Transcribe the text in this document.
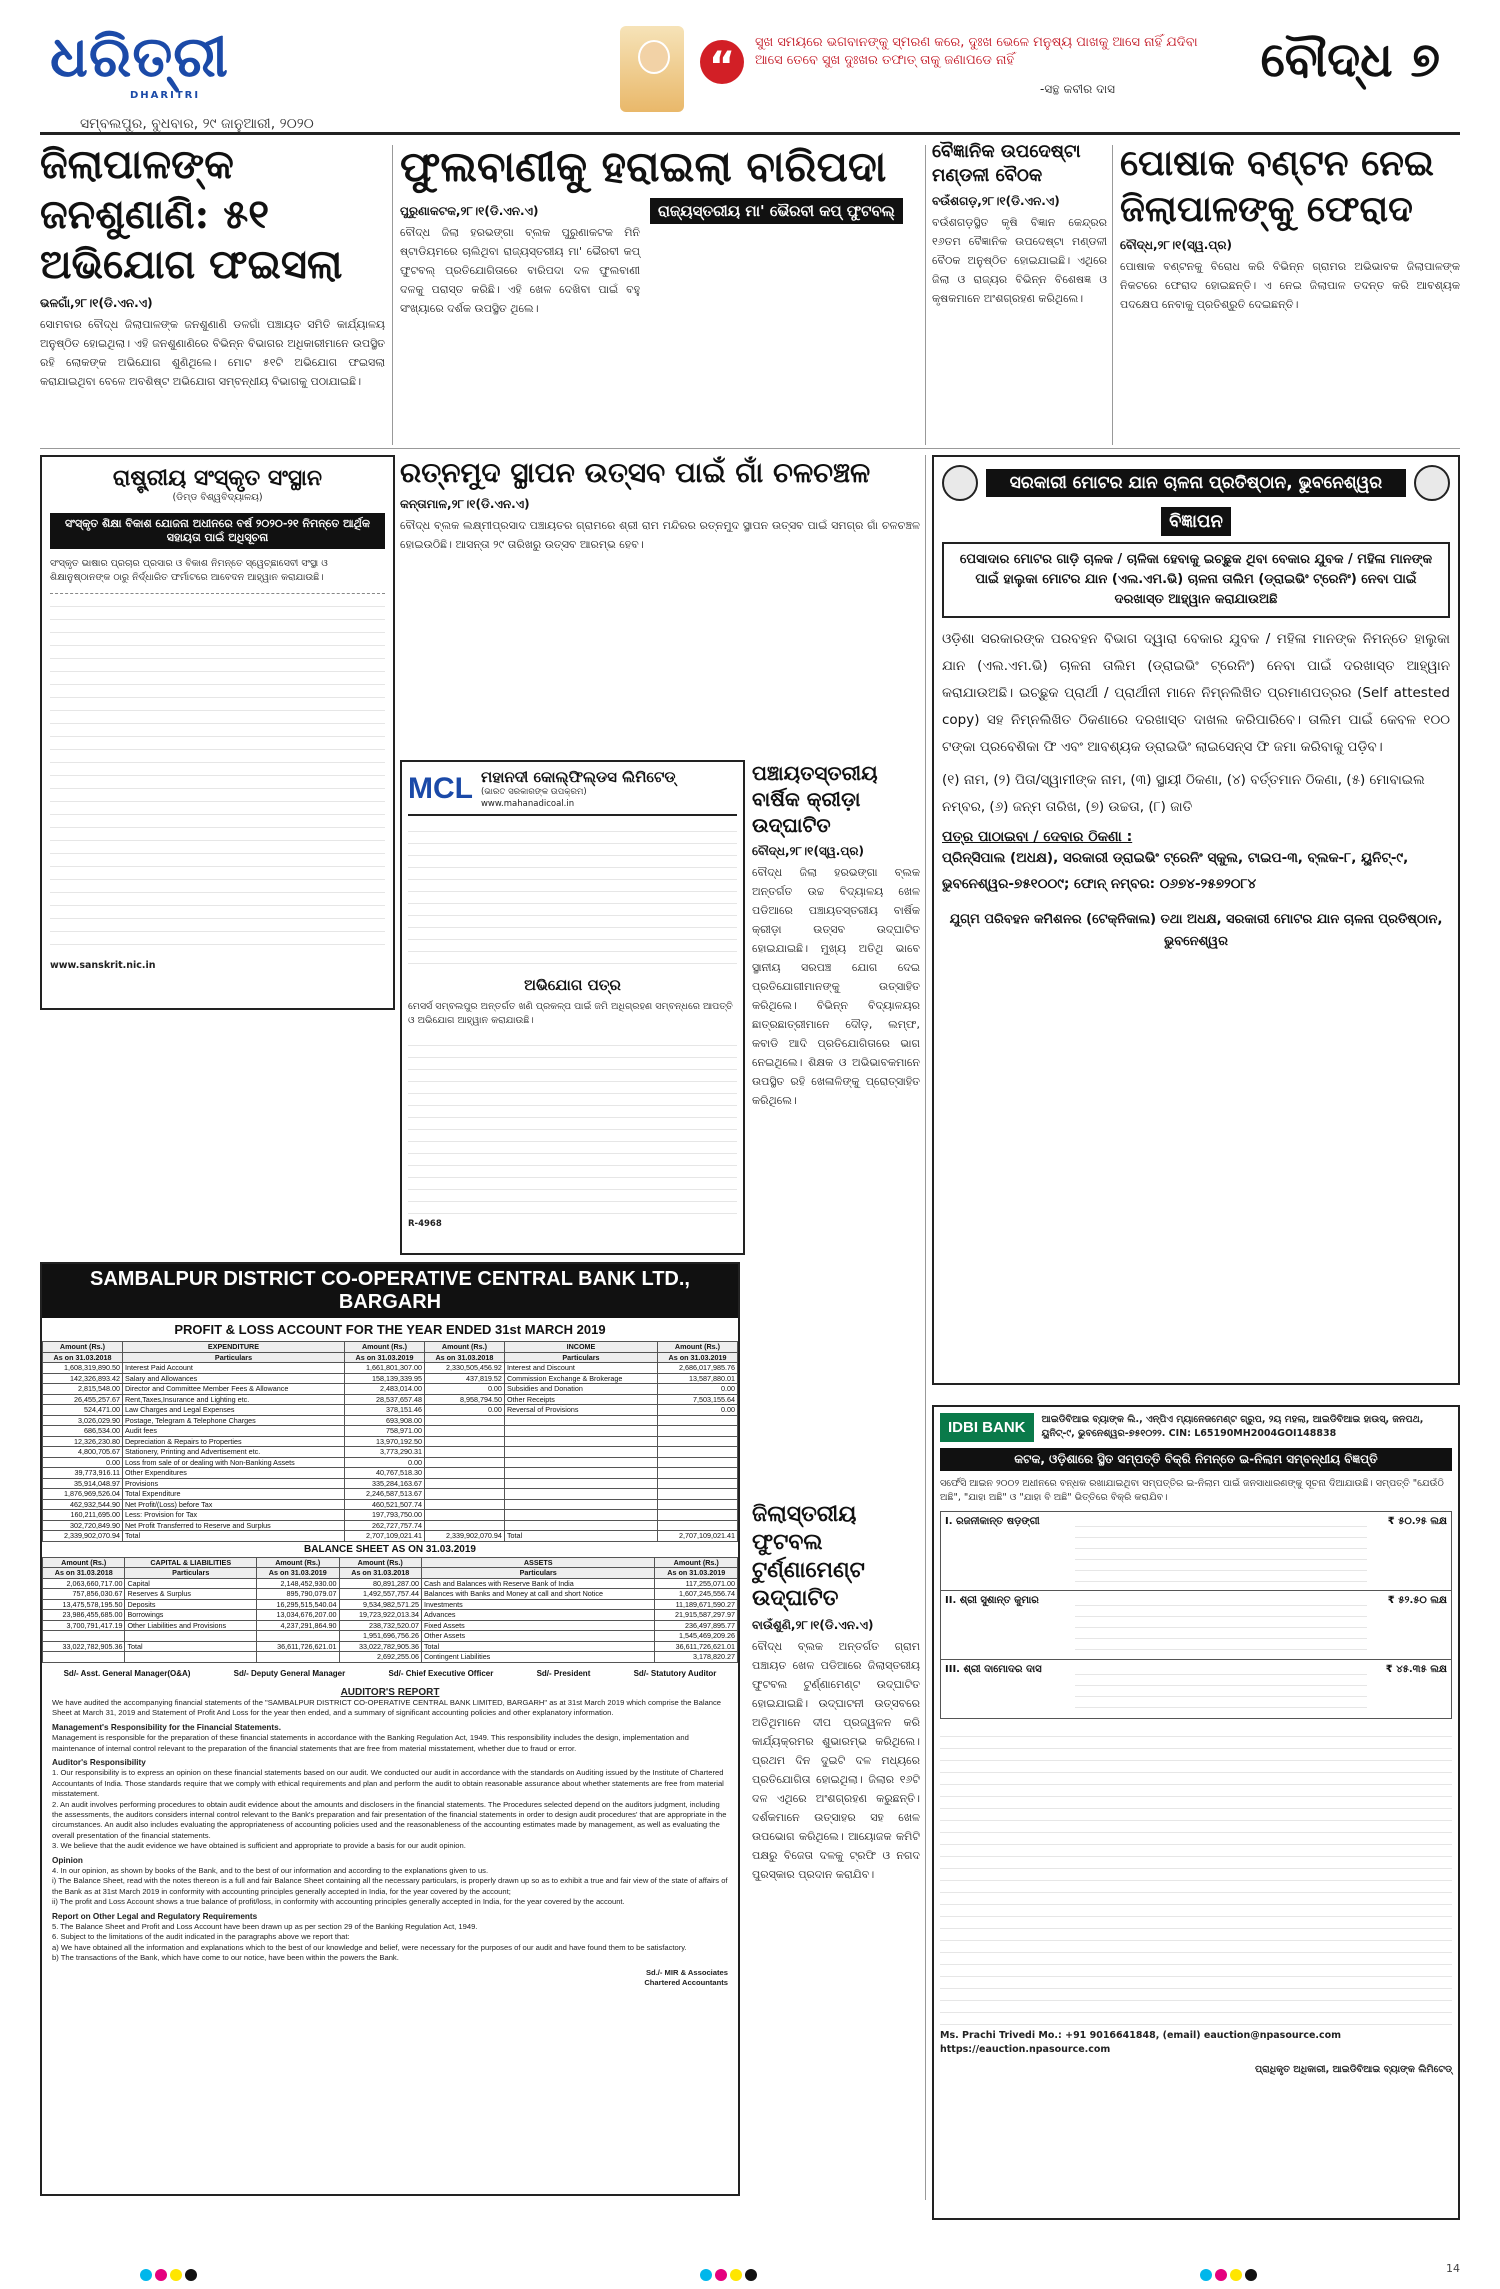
ଧରିତ୍ରୀ
DHARITRI
ସମ୍ବଲପୁର, ବୁଧବାର, ୨୯ ଜାନୁଆରୀ, ୨୦୨୦
“
ସୁଖ ସମୟରେ ଭଗବାନଙ୍କୁ ସ୍ମରଣ କରେ, ଦୁଃଖ ଭେଳେ ମନୁଷ୍ୟ ପାଖକୁ ଆସେ ନାହିଁ ଯଦିବା ଆସେ ତେବେ ସୁଖ ଦୁଃଖର ତଫାତ୍ ତାକୁ ଜଣାପଡେ ନାହିଁ
-ସନ୍ଥ କବୀର ଦାସ
ବୌଦ୍ଧ ୭
ଜିଲାପାଳଙ୍କ ଜନଶୁଣାଣି: ୫୧ ଅଭିଯୋଗ ଫଇସଲା
ଭଳଗାଁ,୨୮।୧(ଡି.ଏନ.ଏ)
ସୋମବାର ବୌଦ୍ଧ ଜିଲାପାଳଙ୍କ ଜନଶୁଣାଣି ଡଳଗାଁ ପଞ୍ଚାୟତ ସମିତି କାର୍ଯ୍ୟାଳୟ ଅନୁଷ୍ଠିତ ହୋଇଥିଲା। ଏହି ଜନଶୁଣାଣିରେ ବିଭିନ୍ନ ବିଭାଗର ଅଧିକାରୀମାନେ ଉପସ୍ଥିତ ରହି ଲୋକଙ୍କ ଅଭିଯୋଗ ଶୁଣିଥିଲେ। ମୋଟ ୫୧ଟି ଅଭିଯୋଗ ଫଇସଲା କରାଯାଇଥିବା ବେଳେ ଅବଶିଷ୍ଟ ଅଭିଯୋଗ ସମ୍ବନ୍ଧୀୟ ବିଭାଗକୁ ପଠାଯାଇଛି।
ଫୁଲବାଣୀକୁ ହରାଇଲା ବାରିପଦା
ପୁରୁଣାକଟକ,୨୮।୧(ଡି.ଏନ.ଏ)
ବୌଦ୍ଧ ଜିଲା ହରଭଙ୍ଗା ବ୍ଲକ ପୁରୁଣାକଟକ ମିନି ଷ୍ଟାଡିୟମରେ ଚାଲିଥିବା ରାଜ୍ୟସ୍ତରୀୟ ମା' ଭୈରବୀ କପ୍ ଫୁଟବଲ୍ ପ୍ରତିଯୋଗିତାରେ ବାରିପଦା ଦଳ ଫୁଲବାଣୀ ଦଳକୁ ପରାସ୍ତ କରିଛି। ଏହି ଖେଳ ଦେଖିବା ପାଇଁ ବହୁ ସଂଖ୍ୟାରେ ଦର୍ଶକ ଉପସ୍ଥିତ ଥିଲେ।
ରାଜ୍ୟସ୍ତରୀୟ ମା' ଭୈରବୀ କପ୍ ଫୁଟବଲ୍
ବୈଜ୍ଞାନିକ ଉପଦେଷ୍ଟା ମଣ୍ଡଳୀ ବୈଠକ
ବଉଁଶଗଡ଼,୨୮।୧(ଡି.ଏନ.ଏ)
ବଉଁଶଗଡ଼ସ୍ଥିତ କୃଷି ବିଜ୍ଞାନ କେନ୍ଦ୍ରର ୧୬ତମ ବୈଜ୍ଞାନିକ ଉପଦେଷ୍ଟା ମଣ୍ଡଳୀ ବୈଠକ ଅନୁଷ୍ଠିତ ହୋଇଯାଇଛି। ଏଥିରେ ଜିଲା ଓ ରାଜ୍ୟର ବିଭିନ୍ନ ବିଶେଷଜ୍ଞ ଓ କୃଷକମାନେ ଅଂଶଗ୍ରହଣ କରିଥିଲେ।
ପୋଷାକ ବଣ୍ଟନ ନେଇ ଜିଲାପାଳଙ୍କୁ ଫେରାଦ
ବୌଦ୍ଧ,୨୮।୧(ସ୍ୱ.ପ୍ର)
ପୋଷାକ ବଣ୍ଟନକୁ ବିରୋଧ କରି ବିଭିନ୍ନ ଗ୍ରାମର ଅଭିଭାବକ ଜିଲାପାଳଙ୍କ ନିକଟରେ ଫେରାଦ ହୋଇଛନ୍ତି। ଏ ନେଇ ଜିଲାପାଳ ତଦନ୍ତ କରି ଆବଶ୍ୟକ ପଦକ୍ଷେପ ନେବାକୁ ପ୍ରତିଶ୍ରୁତି ଦେଇଛନ୍ତି।
ରାଷ୍ଟ୍ରୀୟ ସଂସ୍କୃତ ସଂସ୍ଥାନ
(ଡିମ୍ଡ ବିଶ୍ୱବିଦ୍ୟାଳୟ)
ସଂସ୍କୃତ ଶିକ୍ଷା ବିକାଶ ଯୋଜନା ଅଧୀନରେ ବର୍ଷ ୨୦୨୦-୨୧ ନିମନ୍ତେ ଆର୍ଥିକ ସହାୟତା ପାଇଁ ଅଧିସୂଚନା
ସଂସ୍କୃତ ଭାଷାର ପ୍ରଚାର ପ୍ରସାର ଓ ବିକାଶ ନିମନ୍ତେ ସ୍ୱେଚ୍ଛାସେବୀ ସଂସ୍ଥା ଓ ଶିକ୍ଷାନୁଷ୍ଠାନଙ୍କ ଠାରୁ ନିର୍ଦ୍ଧାରିତ ଫର୍ମାଟରେ ଆବେଦନ ଆହ୍ୱାନ କରାଯାଉଛି।
www.sanskrit.nic.in
ରତ୍ନମୁଦ ସ୍ଥାପନ ଉତ୍ସବ ପାଇଁ ଗାଁ ଚଳଚଞ୍ଚଳ
କନ୍ତାମାଳ,୨୮।୧(ଡି.ଏନ.ଏ)
ବୌଦ୍ଧ ବ୍ଲକ ଲକ୍ଷ୍ମୀପ୍ରସାଦ ପଞ୍ଚାୟତର ଗ୍ରାମରେ ଶ୍ରୀ ରାମ ମନ୍ଦିରର ରତ୍ନମୁଦ ସ୍ଥାପନ ଉତ୍ସବ ପାଇଁ ସମଗ୍ର ଗାଁ ଚଳଚଞ୍ଚଳ ହୋଇଉଠିଛି। ଆସନ୍ତା ୨୯ ତାରିଖରୁ ଉତ୍ସବ ଆରମ୍ଭ ହେବ।
MCL ମହାନଦୀ କୋଲ୍‌ଫିଲ୍‌ଡସ ଲିମିଟେଡ୍
(ଭାରତ ସରକାରଙ୍କ ଉପକ୍ରମ)
www.mahanadicoal.in
ଅଭିଯୋଗ ପତ୍ର
ମେସର୍ସ ସମ୍ବଲପୁର ଅନ୍ତର୍ଗତ ଖଣି ପ୍ରକଳ୍ପ ପାଇଁ ଜମି ଅଧିଗ୍ରହଣ ସମ୍ବନ୍ଧରେ ଆପତ୍ତି ଓ ଅଭିଯୋଗ ଆହ୍ୱାନ କରାଯାଉଛି।
R-4968
ପଞ୍ଚାୟତସ୍ତରୀୟ ବାର୍ଷିକ କ୍ରୀଡ଼ା ଉଦ୍‌ଘାଟିତ
ବୌଦ୍ଧ,୨୮।୧(ସ୍ୱ.ପ୍ର)
ବୌଦ୍ଧ ଜିଲା ହରଭଙ୍ଗା ବ୍ଲକ ଅନ୍ତର୍ଗତ ଉଚ୍ଚ ବିଦ୍ୟାଳୟ ଖେଳ ପଡିଆରେ ପଞ୍ଚାୟତସ୍ତରୀୟ ବାର୍ଷିକ କ୍ରୀଡ଼ା ଉତ୍ସବ ଉଦ୍‌ଘାଟିତ ହୋଇଯାଇଛି। ମୁଖ୍ୟ ଅତିଥି ଭାବେ ସ୍ଥାନୀୟ ସରପଞ୍ଚ ଯୋଗ ଦେଇ ପ୍ରତିଯୋଗୀମାନଙ୍କୁ ଉତ୍ସାହିତ କରିଥିଲେ। ବିଭିନ୍ନ ବିଦ୍ୟାଳୟର ଛାତ୍ରଛାତ୍ରୀମାନେ ଦୌଡ଼, ଲମ୍ଫ, କବାଡି ଆଦି ପ୍ରତିଯୋଗିତାରେ ଭାଗ ନେଇଥିଲେ। ଶିକ୍ଷକ ଓ ଅଭିଭାବକମାନେ ଉପସ୍ଥିତ ରହି ଖେଳାଳିଙ୍କୁ ପ୍ରୋତ୍ସାହିତ କରିଥିଲେ।
ଜିଲାସ୍ତରୀୟ ଫୁଟବଲ ଟୁର୍ଣ୍ଣାମେଣ୍ଟ ଉଦ୍‌ଘାଟିତ
ବାଉଁଶୁଣି,୨୮।୧(ଡି.ଏନ.ଏ)
ବୌଦ୍ଧ ବ୍ଲକ ଅନ୍ତର୍ଗତ ଗ୍ରାମ ପଞ୍ଚାୟତ ଖେଳ ପଡିଆରେ ଜିଲାସ୍ତରୀୟ ଫୁଟବଲ ଟୁର୍ଣ୍ଣାମେଣ୍ଟ ଉଦ୍‌ଘାଟିତ ହୋଇଯାଇଛି। ଉଦ୍‌ଘାଟନୀ ଉତ୍ସବରେ ଅତିଥିମାନେ ଦୀପ ପ୍ରଜ୍ୱଳନ କରି କାର୍ଯ୍ୟକ୍ରମର ଶୁଭାରମ୍ଭ କରିଥିଲେ। ପ୍ରଥମ ଦିନ ଦୁଇଟି ଦଳ ମଧ୍ୟରେ ପ୍ରତିଯୋଗିତା ହୋଇଥିଲା। ଜିଲାର ୧୬ଟି ଦଳ ଏଥିରେ ଅଂଶଗ୍ରହଣ କରୁଛନ୍ତି। ଦର୍ଶକମାନେ ଉତ୍ସାହର ସହ ଖେଳ ଉପଭୋଗ କରିଥିଲେ। ଆୟୋଜକ କମିଟି ପକ୍ଷରୁ ବିଜେତା ଦଳକୁ ଟ୍ରଫି ଓ ନଗଦ ପୁରସ୍କାର ପ୍ରଦାନ କରାଯିବ।
ସରକାରୀ ମୋଟର ଯାନ ଚାଳନା ପ୍ରତିଷ୍ଠାନ, ଭୁବନେଶ୍ୱର
ବିଜ୍ଞାପନ
ପେସାଦାର ମୋଟର ଗାଡ଼ି ଚାଳକ / ଚାଳିକା ହେବାକୁ ଇଚ୍ଛୁକ ଥିବା ବେକାର ଯୁବକ / ମହିଳା ମାନଙ୍କ ପାଇଁ ହାଲୁକା ମୋଟର ଯାନ (ଏଲ.ଏମ.ଭି) ଚାଳନା ତାଲିମ (ଡ୍ରାଇଭିଂ ଟ୍ରେନିଂ) ନେବା ପାଇଁ ଦରଖାସ୍ତ ଆହ୍ୱାନ କରାଯାଉଅଛି
ଓଡ଼ିଶା ସରକାରଙ୍କ ପରବହନ ବିଭାଗ ଦ୍ୱାରା ବେକାର ଯୁବକ / ମହିଳା ମାନଙ୍କ ନିମନ୍ତେ ହାଲୁକା ଯାନ (ଏଲ.ଏମ.ଭି) ଚାଳନା ତାଲିମ (ଡ୍ରାଇଭିଂ ଟ୍ରେନିଂ) ନେବା ପାଇଁ ଦରଖାସ୍ତ ଆହ୍ୱାନ କରାଯାଉଅଛି। ଇଚ୍ଛୁକ ପ୍ରାର୍ଥୀ / ପ୍ରାର୍ଥୀନୀ ମାନେ ନିମ୍ନଲିଖିତ ପ୍ରମାଣପତ୍ରର (Self attested copy) ସହ ନିମ୍ନଲିଖିତ ଠିକଣାରେ ଦରଖାସ୍ତ ଦାଖଲ କରିପାରିବେ। ତାଲିମ ପାଇଁ କେବଳ ୧୦୦ ଟଙ୍କା ପ୍ରବେଶିକା ଫି ଏବଂ ଆବଶ୍ୟକ ଡ୍ରାଇଭିଂ ଲାଇସେନ୍ସ ଫି ଜମା କରିବାକୁ ପଡ଼ିବ।
(୧) ନାମ, (୨) ପିତା/ସ୍ୱାମୀଙ୍କ ନାମ, (୩) ସ୍ଥାୟୀ ଠିକଣା, (୪) ବର୍ତ୍ତମାନ ଠିକଣା, (୫) ମୋବାଇଲ ନମ୍ବର, (୬) ଜନ୍ମ ତାରିଖ, (୭) ଉଚ୍ଚତା, (୮) ଜାତି
ପତ୍ର ପାଠାଇବା / ଦେବାର ଠିକଣା :
ପ୍ରିନ୍ସିପାଲ (ଅଧକ୍ଷ), ସରକାରୀ ଡ୍ରାଇଭିଂ ଟ୍ରେନିଂ ସ୍କୁଲ, ଟାଇପ-୩, ବ୍ଲକ-୮, ୟୁନିଟ୍-୯, ଭୁବନେଶ୍ୱର-୭୫୧୦୦୯; ଫୋନ୍ ନମ୍ବର: ୦୬୭୪-୨୫୭୨୦୮୪
ଯୁଗ୍ମ ପରିବହନ କମିଶନର (ଟେକ୍ନିକାଲ) ତଥା ଅଧକ୍ଷ, ସରକାରୀ ମୋଟର ଯାନ ଚାଳନା ପ୍ରତିଷ୍ଠାନ, ଭୁବନେଶ୍ୱର
IDBI BANK	ଆଇଡିବିଆଇ ବ୍ୟାଙ୍କ ଲି., ଏନ୍‌ପିଏ ମ୍ୟାନେଜମେଣ୍ଟ ଗ୍ରୁପ, ୨ୟ ମହଲା, ଆଇଡିବିଆଇ ହାଉସ୍, ଜନପଥ, ୟୁନିଟ୍-୯, ଭୁବନେଶ୍ୱର-୭୫୧୦୨୨. CIN: L65190MH2004GOI148838
କଟକ, ଓଡ଼ିଶାରେ ସ୍ଥିତ ସମ୍ପତ୍ତି ବିକ୍ରି ନିମନ୍ତେ ଇ-ନିଲାମ ସମ୍ବନ୍ଧୀୟ ବିଜ୍ଞପ୍ତି
ସର୍ଫେସି ଆଇନ ୨୦୦୨ ଅଧୀନରେ ବନ୍ଧକ ରଖାଯାଇଥିବା ସମ୍ପତ୍ତିର ଇ-ନିଲାମ ପାଇଁ ଜନସାଧାରଣଙ୍କୁ ସୂଚନା ଦିଆଯାଉଛି। ସମ୍ପତ୍ତି "ଯେଉଁଠି ଅଛି", "ଯାହା ଅଛି" ଓ "ଯାହା ବି ଅଛି" ଭିତ୍ତିରେ ବିକ୍ରି କରାଯିବ।
I. ରଜନୀକାନ୍ତ ଷଡ଼ଙ୍ଗୀ	₹ ୫୦.୨୫ ଲକ୍ଷ
II. ଶ୍ରୀ ସୁଶାନ୍ତ କୁମାର	₹ ୫୨.୫୦ ଲକ୍ଷ
III. ଶ୍ରୀ ଦାମୋଦର ଦାସ	₹ ୪୫.୩୫ ଲକ୍ଷ
Ms. Prachi Trivedi Mo.: +91 9016641848, (email) eauction@npasource.com
https://eauction.npasource.com
ପ୍ରାଧିକୃତ ଅଧିକାରୀ, ଆଇଡିବିଆଇ ବ୍ୟାଙ୍କ ଲିମିଟେଡ୍
SAMBALPUR DISTRICT CO-OPERATIVE CENTRAL BANK LTD., BARGARH
PROFIT & LOSS ACCOUNT FOR THE YEAR ENDED 31st MARCH 2019
Amount (Rs.)	EXPENDITURE	Amount (Rs.)	Amount (Rs.)	INCOME	Amount (Rs.)
As on 31.03.2018	Particulars	As on 31.03.2019	As on 31.03.2018	Particulars	As on 31.03.2019
1,608,319,890.50	Interest Paid Account	1,661,801,307.00	2,330,505,456.92	Interest and Discount	2,686,017,985.76
142,326,893.42	Salary and Allowances	158,139,339.95	437,819.52	Commission Exchange & Brokerage	13,587,880.01
2,815,548.00	Director and Committee Member Fees & Allowance	2,483,014.00	0.00	Subsidies and Donation	0.00
26,455,257.67	Rent,Taxes,Insurance and Lighting etc.	28,537,657.48	8,958,794.50	Other Receipts	7,503,155.64
524,471.00	Law Charges and Legal Expenses	378,151.46	0.00	Reversal of Provisions	0.00
3,026,029.90	Postage, Telegram & Telephone Charges	693,908.00			
686,534.00	Audit fees	758,971.00			
12,326,230.80	Depreciation & Repairs to Properties	13,970,192.50			
4,800,705.67	Stationery, Printing and Advertisement etc.	3,773,290.31			
0.00	Loss from sale of or dealing with Non-Banking Assets	0.00			
39,773,916.11	Other Expenditures	40,767,518.30			
35,914,048.97	Provisions	335,284,163.67			
1,876,969,526.04	Total Expenditure	2,246,587,513.67			
462,932,544.90	Net Profit/(Loss) before Tax	460,521,507.74			
160,211,695.00	Less: Provision for Tax	197,793,750.00			
302,720,849.90	Net Profit Transferred to Reserve and Surplus	262,727,757.74			
2,339,902,070.94	Total	2,707,109,021.41	2,339,902,070.94	Total	2,707,109,021.41
BALANCE SHEET AS ON 31.03.2019
Amount (Rs.)	CAPITAL & LIABILITIES	Amount (Rs.)	Amount (Rs.)	ASSETS	Amount (Rs.)
As on 31.03.2018	Particulars	As on 31.03.2019	As on 31.03.2018	Particulars	As on 31.03.2019
2,063,660,717.00	Capital	2,148,452,930.00	80,891,287.00	Cash and Balances with Reserve Bank of India	117,255,071.00
757,856,030.67	Reserves & Surplus	895,790,079.07	1,492,557,757.44	Balances with Banks and Money at call and short Notice	1,607,245,556.74
13,475,578,195.50	Deposits	16,295,515,540.04	9,534,982,571.25	Investments	11,189,671,590.27
23,986,455,685.00	Borrowings	13,034,676,207.00	19,723,922,013.34	Advances	21,915,587,297.97
3,700,791,417.19	Other Liabilities and Provisions	4,237,291,864.90	238,732,520.07	Fixed Assets	236,497,895.77
			1,951,696,756.26	Other Assets	1,545,469,209.26
33,022,782,905.36	Total	36,611,726,621.01	33,022,782,905.36	Total	36,611,726,621.01
			2,692,255.06	Contingent Liabilities	3,178,820.27
Sd/- Asst. General Manager(O&A)	Sd/- Deputy General Manager	Sd/- Chief Executive Officer	Sd/- President	Sd/- Statutory Auditor
AUDITOR'S REPORT

We have audited the accompanying financial statements of the "SAMBALPUR DISTRICT CO-OPERATIVE CENTRAL BANK LIMITED, BARGARH" as at 31st March 2019 which comprise the Balance Sheet at March 31, 2019 and Statement of Profit And Loss for the year then ended, and a summary of significant accounting policies and other explanatory information.

Management's Responsibility for the Financial Statements.

Management is responsible for the preparation of these financial statements in accordance with the Banking Regulation Act, 1949. This responsibility includes the design, implementation and maintenance of internal control relevant to the preparation of the financial statements that are free from material misstatement, whether due to fraud or error.

Auditor's Responsibility

1. Our responsibility is to express an opinion on these financial statements based on our audit. We conducted our audit in accordance with the standards on Auditing issued by the Institute of Chartered Accountants of India. Those standards require that we comply with ethical requirements and plan and perform the audit to obtain reasonable assurance about whether statements are free from material misstatement.

2. An audit involves performing procedures to obtain audit evidence about the amounts and disclosers in the financial statements. The Procedures selected depend on the auditors judgment, including the assessments, the auditors considers internal control relevant to the Bank's preparation and fair presentation of the financial statements in order to design audit procedures' that are appropriate in the circumstances. An audit also includes evaluating the appropriateness of accounting policies used and the reasonableness of the accounting estimates made by management, as well as evaluating the overall presentation of the financial statements.

3. We believe that the audit evidence we have obtained is sufficient and appropriate to provide a basis for our audit opinion.

Opinion

4. In our opinion, as shown by books of the Bank, and to the best of our information and according to the explanations given to us.

i) The Balance Sheet, read with the notes thereon is a full and fair Balance Sheet containing all the necessary particulars, is properly drawn up so as to exhibit a true and fair view of the state of affairs of the Bank as at 31st March 2019 in conformity with accounting principles generally accepted in India, for the year covered by the account;

ii) The profit and Loss Account shows a true balance of profit/loss, in conformity with accounting principles generally accepted in India, for the year covered by the account.

Report on Other Legal and Regulatory Requirements

5. The Balance Sheet and Profit and Loss Account have been drawn up as per section 29 of the Banking Regulation Act, 1949.

6. Subject to the limitations of the audit indicated in the paragraphs above we report that:

a) We have obtained all the information and explanations which to the best of our knowledge and belief, were necessary for the purposes of our audit and have found them to be satisfactory.

b) The transactions of the Bank, which have come to our notice, have been within the powers the Bank.

Sd./- MIR & Associates
Chartered Accountants
14
